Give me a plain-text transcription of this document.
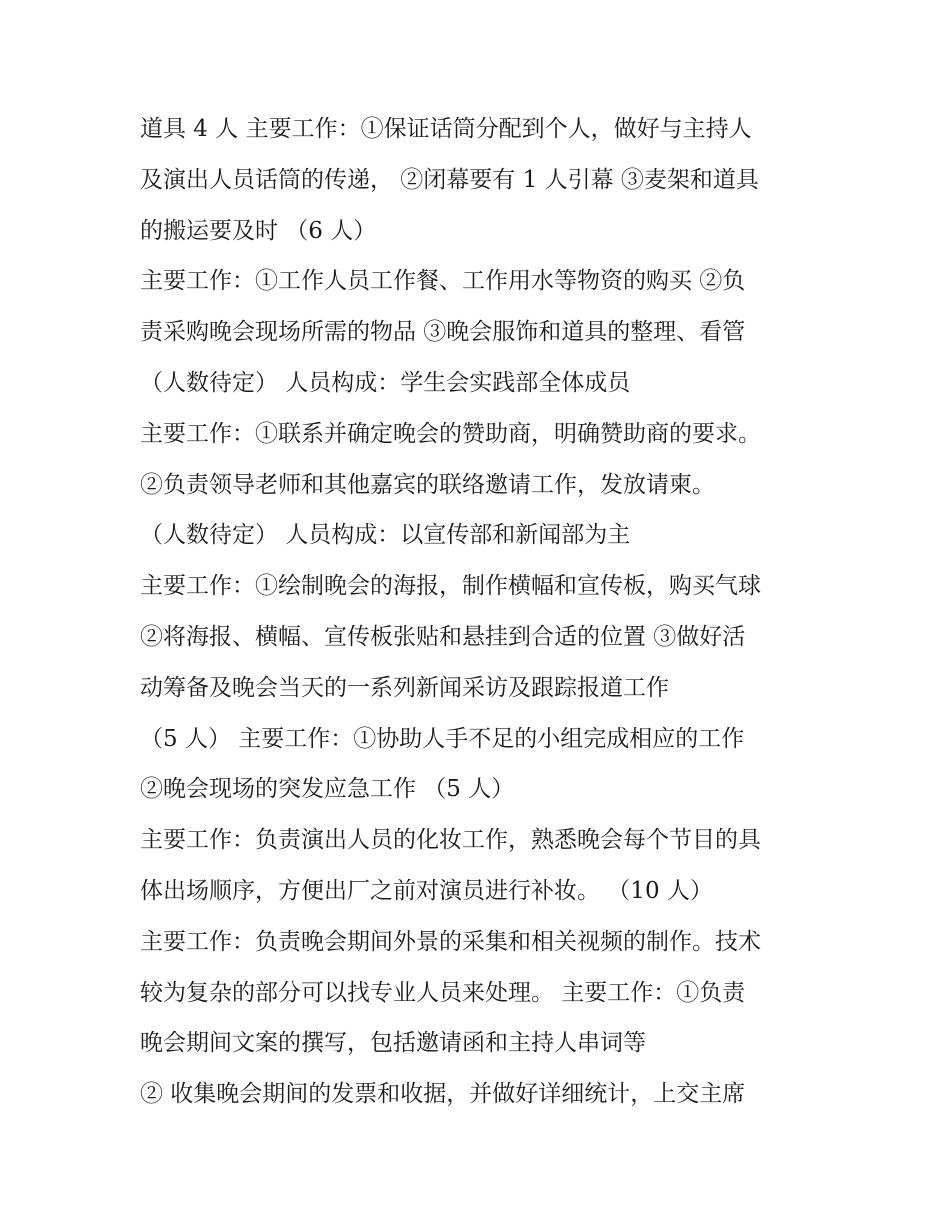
道具 4 人 主要工作：①保证话筒分配到个人，做好与主持人
及演出人员话筒的传递， ②闭幕要有 1 人引幕 ③麦架和道具
的搬运要及时 （6 人）
主要工作：①工作人员工作餐、工作用水等物资的购买 ②负
责采购晚会现场所需的物品 ③晚会服饰和道具的整理、看管
（人数待定） 人员构成：学生会实践部全体成员
主要工作：①联系并确定晚会的赞助商，明确赞助商的要求。
②负责领导老师和其他嘉宾的联络邀请工作，发放请柬。
（人数待定） 人员构成：以宣传部和新闻部为主
主要工作：①绘制晚会的海报，制作横幅和宣传板，购买气球
②将海报、横幅、宣传板张贴和悬挂到合适的位置 ③做好活
动筹备及晚会当天的一系列新闻采访及跟踪报道工作
（5 人） 主要工作：①协助人手不足的小组完成相应的工作
②晚会现场的突发应急工作 （5 人）
主要工作：负责演出人员的化妆工作，熟悉晚会每个节目的具
体出场顺序，方便出厂之前对演员进行补妆。 （10 人）
主要工作：负责晚会期间外景的采集和相关视频的制作。技术
较为复杂的部分可以找专业人员来处理。 主要工作：①负责
晚会期间文案的撰写，包括邀请函和主持人串词等
② 收集晚会期间的发票和收据，并做好详细统计，上交主席
